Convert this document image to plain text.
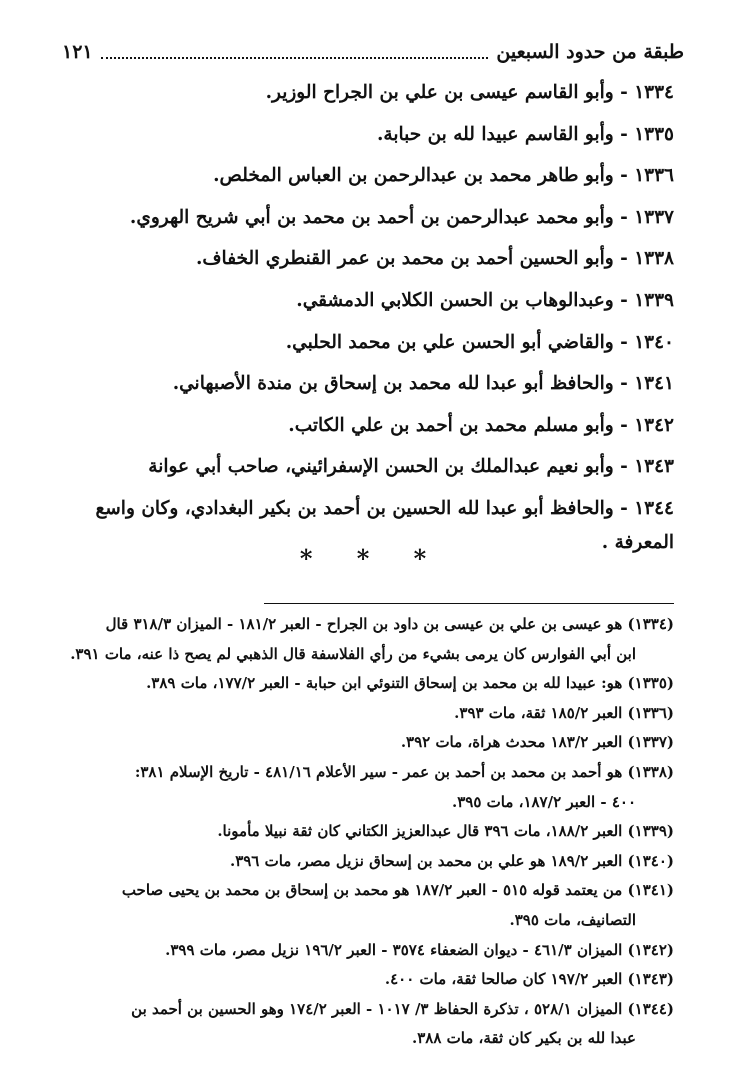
طبقة من حدود السبعين
١٢١
١٣٣٤ - وأبو القاسم عيسى بن علي بن الجراح الوزير.
١٣٣٥ - وأبو القاسم عبيدا لله بن حبابة.
١٣٣٦ - وأبو طاهر محمد بن عبدالرحمن بن العباس المخلص.
١٣٣٧ - وأبو محمد عبدالرحمن بن أحمد بن محمد بن أبي شريح الهروي.
١٣٣٨ - وأبو الحسين أحمد بن محمد بن عمر القنطري الخفاف.
١٣٣٩ - وعبدالوهاب بن الحسن الكلابي الدمشقي.
١٣٤٠ - والقاضي أبو الحسن علي بن محمد الحلبي.
١٣٤١ - والحافظ أبو عبدا لله محمد بن إسحاق بن مندة الأصبهاني.
١٣٤٢ - وأبو مسلم محمد بن أحمد بن علي الكاتب.
١٣٤٣ - وأبو نعيم عبدالملك بن الحسن الإسفرائيني، صاحب أبي عوانة
١٣٤٤ - والحافظ أبو عبدا لله الحسين بن أحمد بن بكير البغدادي، وكان واسع المعرفة .
* * *
(١٣٣٤) هو عيسى بن علي بن عيسى بن داود بن الجراح - العبر ١٨١/٢ - الميزان ٣١٨/٣ قال
ابن أبي الفوارس كان يرمى بشيء من رأي الفلاسفة قال الذهبي لم يصح ذا عنه، مات ٣٩١.
(١٣٣٥) هو: عبيدا لله بن محمد بن إسحاق التنوئي ابن حبابة - العبر ١٧٧/٢، مات ٣٨٩.
(١٣٣٦) العبر ١٨٥/٢ ثقة، مات ٣٩٣.
(١٣٣٧) العبر ١٨٣/٢ محدث هراة، مات ٣٩٢.
(١٣٣٨) هو أحمد بن محمد بن أحمد بن عمر - سير الأعلام ٤٨١/١٦ - تاريخ الإسلام ٣٨١:
٤٠٠ - العبر ١٨٧/٢، مات ٣٩٥.
(١٣٣٩) العبر ١٨٨/٢، مات ٣٩٦ قال عبدالعزيز الكتاني كان ثقة نبيلا مأمونا.
(١٣٤٠) العبر ١٨٩/٢ هو علي بن محمد بن إسحاق نزيل مصر، مات ٣٩٦.
(١٣٤١) من يعتمد قوله ٥١٥ - العبر ١٨٧/٢ هو محمد بن إسحاق بن محمد بن يحيى صاحب
التصانيف، مات ٣٩٥.
(١٣٤٢) الميزان ٤٦١/٣ - ديوان الضعفاء ٣٥٧٤ - العبر ١٩٦/٢ نزيل مصر، مات ٣٩٩.
(١٣٤٣) العبر ١٩٧/٢ كان صالحا ثقة، مات ٤٠٠.
(١٣٤٤) الميزان ٥٢٨/١ ، تذكرة الحفاظ ٣/ ١٠١٧ - العبر ١٧٤/٢ وهو الحسين بن أحمد بن
عبدا لله بن بكير كان ثقة، مات ٣٨٨.
